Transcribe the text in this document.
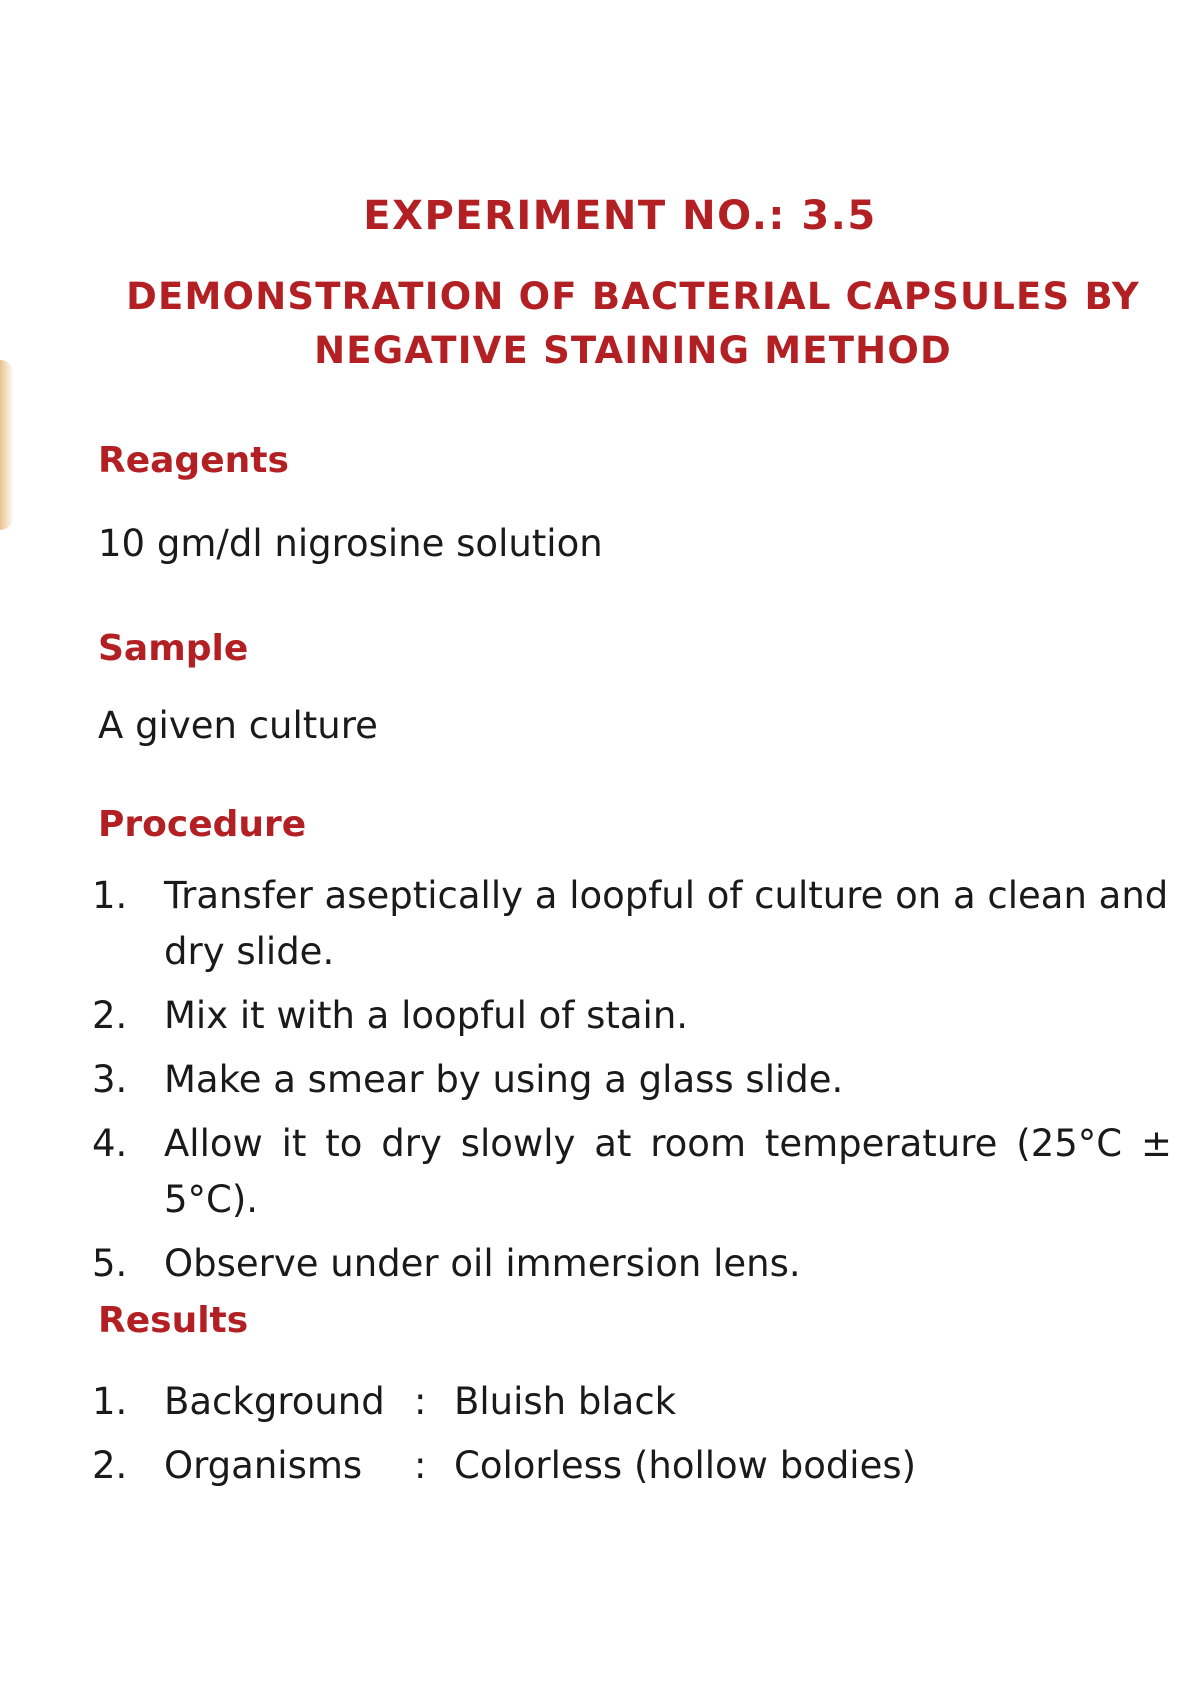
EXPERIMENT NO.: 3.5
DEMONSTRATION OF BACTERIAL CAPSULES BY
NEGATIVE STAINING METHOD
Reagents
10 gm/dl nigrosine solution
Sample
A given culture
Procedure
1. Transfer aseptically a loopful of culture on a clean and dry slide.
2. Mix it with a loopful of stain.
3. Make a smear by using a glass slide.
4. Allow it to dry slowly at room temperature (25°C ± 5°C).
5. Observe under oil immersion lens.
Results
1. Background : Bluish black
2. Organisms	: Colorless (hollow bodies)
